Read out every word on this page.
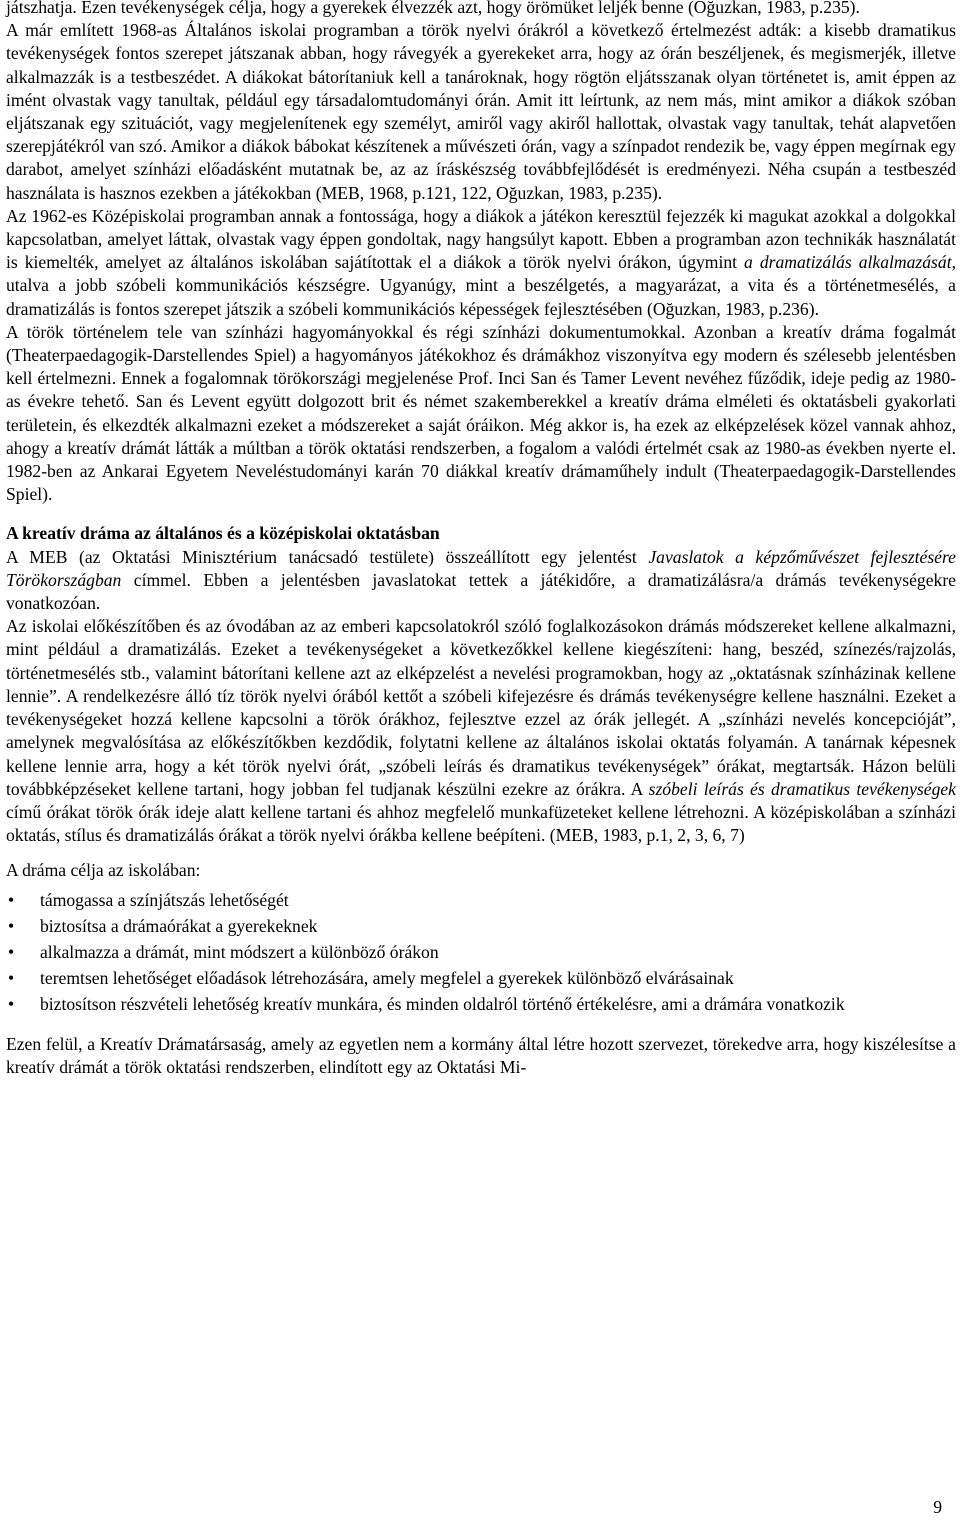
játszhatja. Ezen tevékenységek célja, hogy a gyerekek élvezzék azt, hogy örömüket leljék benne (Oğuzkan, 1983, p.235).

A már említett 1968-as Általános iskolai programban a török nyelvi órákról a következő értelmezést adták: a kisebb dramatikus tevékenységek fontos szerepet játszanak abban, hogy rávegyék a gyerekeket arra, hogy az órán beszéljenek, és megismerjék, illetve alkalmazzák is a testbeszédet. A diákokat bátorítaniuk kell a tanároknak, hogy rögtön eljátsszanak olyan történetet is, amit éppen az imént olvastak vagy tanultak, például egy társadalomtudományi órán. Amit itt leírtunk, az nem más, mint amikor a diákok szóban eljátszanak egy szituációt, vagy megjelenítenek egy személyt, amiről vagy akiről hallottak, olvastak vagy tanultak, tehát alapvetően szerepjátékról van szó. Amikor a diákok bábokat készítenek a művészeti órán, vagy a színpadot rendezik be, vagy éppen megírnak egy darabot, amelyet színházi előadásként mutatnak be, az az íráskészség továbbfejlődését is eredményezi. Néha csupán a testbeszéd használata is hasznos ezekben a játékokban (MEB, 1968, p.121, 122, Oğuzkan, 1983, p.235).

Az 1962-es Középiskolai programban annak a fontossága, hogy a diákok a játékon keresztül fejezzék ki magukat azokkal a dolgokkal kapcsolatban, amelyet láttak, olvastak vagy éppen gondoltak, nagy hangsúlyt kapott. Ebben a programban azon technikák használatát is kiemelték, amelyet az általános iskolában sajátítottak el a diákok a török nyelvi órákon, úgymint a dramatizálás alkalmazását, utalva a jobb szóbeli kommunikációs készségre. Ugyanúgy, mint a beszélgetés, a magyarázat, a vita és a történetmesélés, a dramatizálás is fontos szerepet játszik a szóbeli kommunikációs képességek fejlesztésében (Oğuzkan, 1983, p.236).

A török történelem tele van színházi hagyományokkal és régi színházi dokumentumokkal. Azonban a kreatív dráma fogalmát (Theaterpaedagogik-Darstellendes Spiel) a hagyományos játékokhoz és drámákhoz viszonyítva egy modern és szélesebb jelentésben kell értelmezni. Ennek a fogalomnak törökországi megjelenése Prof. Inci San és Tamer Levent nevéhez fűződik, ideje pedig az 1980-as évekre tehető. San és Levent együtt dolgozott brit és német szakemberekkel a kreatív dráma elméleti és oktatásbeli gyakorlati területein, és elkezdték alkalmazni ezeket a módszereket a saját óráikon. Még akkor is, ha ezek az elképzelések közel vannak ahhoz, ahogy a kreatív drámát látták a múltban a török oktatási rendszerben, a fogalom a valódi értelmét csak az 1980-as években nyerte el. 1982-ben az Ankarai Egyetem Neveléstudományi karán 70 diákkal kreatív drámaműhely indult (Theaterpaedagogik-Darstellendes Spiel).

A kreatív dráma az általános és a középiskolai oktatásban

A MEB (az Oktatási Minisztérium tanácsadó testülete) összeállított egy jelentést Javaslatok a képzőművészet fejlesztésére Törökországban címmel. Ebben a jelentésben javaslatokat tettek a játékidőre, a dramatizálásra/a drámás tevékenységekre vonatkozóan.

Az iskolai előkészítőben és az óvodában az az emberi kapcsolatokról szóló foglalkozásokon drámás módszereket kellene alkalmazni, mint például a dramatizálás. Ezeket a tevékenységeket a következőkkel kellene kiegészíteni: hang, beszéd, színezés/rajzolás, történetmesélés stb., valamint bátorítani kellene azt az elképzelést a nevelési programokban, hogy az „oktatásnak színházinak kellene lennie”. A rendelkezésre álló tíz török nyelvi órából kettőt a szóbeli kifejezésre és drámás tevékenységre kellene használni. Ezeket a tevékenységeket hozzá kellene kapcsolni a török órákhoz, fejlesztve ezzel az órák jellegét. A „színházi nevelés koncepcióját”, amelynek megvalósítása az előkészítőkben kezdődik, folytatni kellene az általános iskolai oktatás folyamán. A tanárnak képesnek kellene lennie arra, hogy a két török nyelvi órát, „szóbeli leírás és dramatikus tevékenységek” órákat, megtartsák. Házon belüli továbbképzéseket kellene tartani, hogy jobban fel tudjanak készülni ezekre az órákra. A szóbeli leírás és dramatikus tevékenységek című órákat török órák ideje alatt kellene tartani és ahhoz megfelelő munkafüzeteket kellene létrehozni. A középiskolában a színházi oktatás, stílus és dramatizálás órákat a török nyelvi órákba kellene beépíteni. (MEB, 1983, p.1, 2, 3, 6, 7)

A dráma célja az iskolában:

• támogassa a színjátszás lehetőségét
• biztosítsa a drámaórákat a gyerekeknek
• alkalmazza a drámát, mint módszert a különböző órákon
• teremtsen lehetőséget előadások létrehozására, amely megfelel a gyerekek különböző elvárásainak
• biztosítson részvételi lehetőség kreatív munkára, és minden oldalról történő értékelésre, ami a drámára vonatkozik

Ezen felül, a Kreatív Drámatársaság, amely az egyetlen nem a kormány által létre hozott szervezet, törekedve arra, hogy kiszélesítse a kreatív drámát a török oktatási rendszerben, elindított egy az Oktatási Mi-

9
